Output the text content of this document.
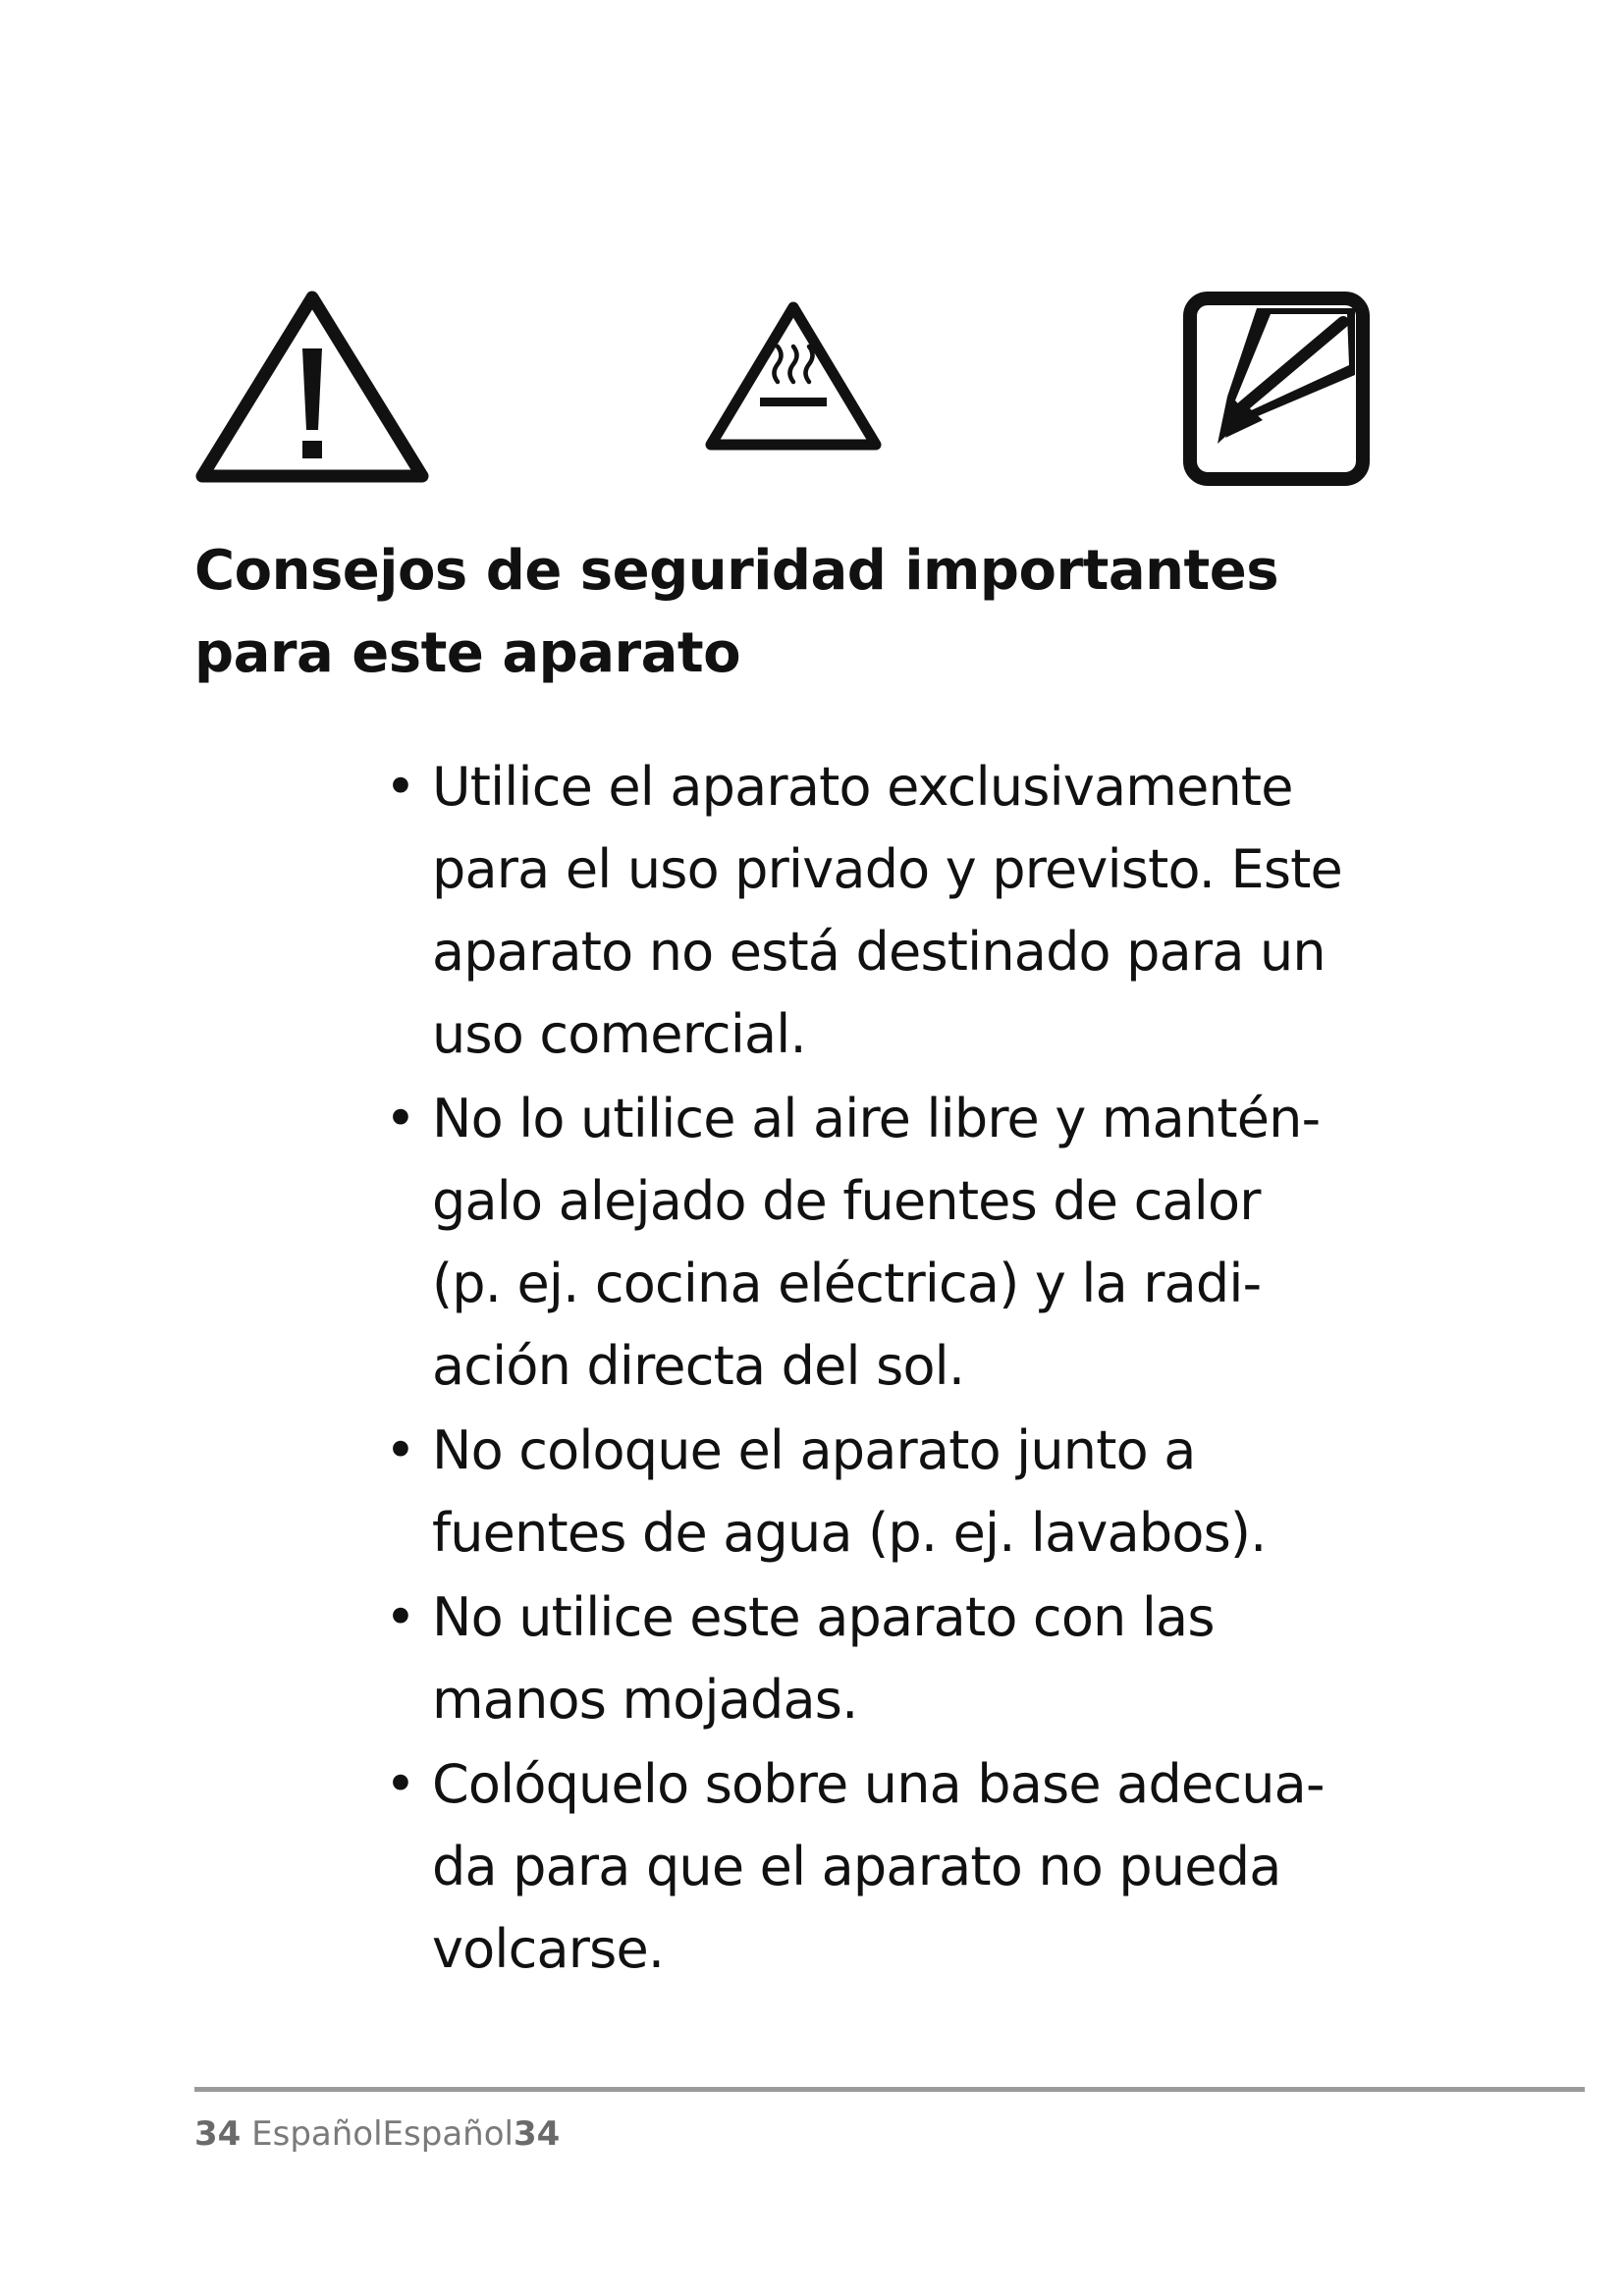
Consejos de seguridad importantes
para este aparato
• Utilice el aparato exclusivamente
para el uso privado y previsto. Este
aparato no está destinado para un
uso comercial.
• No lo utilice al aire libre y mantén-
galo alejado de fuentes de calor
(p. ej. cocina eléctrica) y la radi-
ación directa del sol.
• No coloque el aparato junto a
fuentes de agua (p. ej. lavabos).
• No utilice este aparato con las
manos mojadas.
• Colóquelo sobre una base adecua-
da para que el aparato no pueda
volcarse.
34 EspañolEspañol34
